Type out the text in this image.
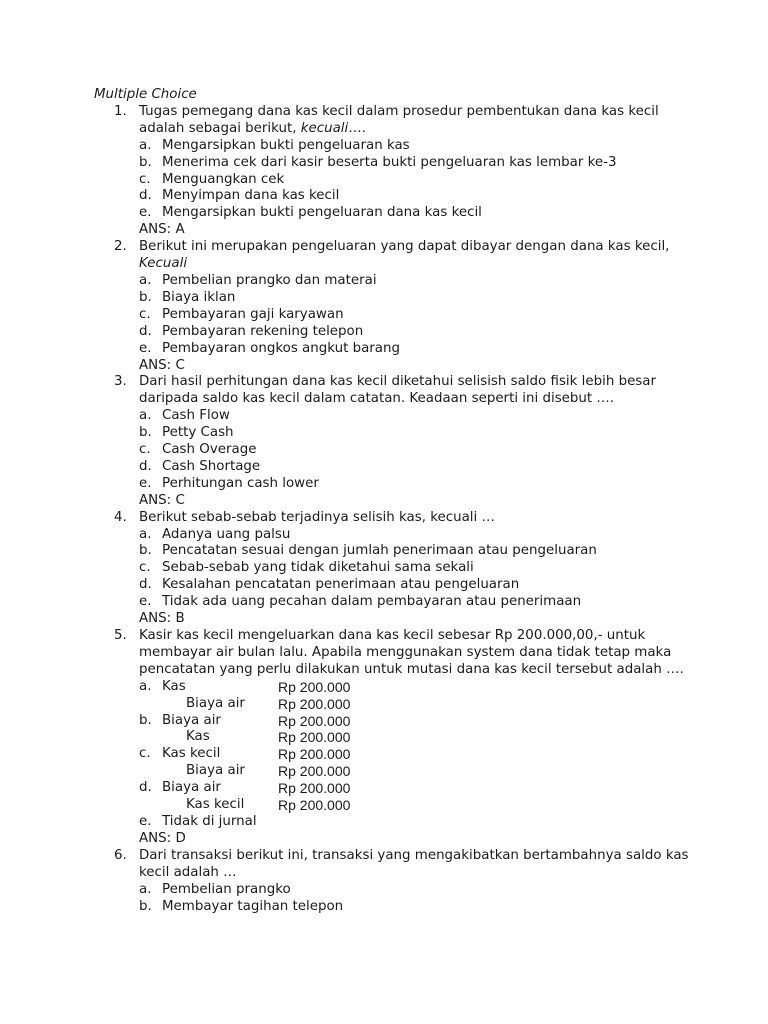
Multiple Choice
1. Tugas pemegang dana kas kecil dalam prosedur pembentukan dana kas kecil adalah sebagai berikut, kecuali….
a. Mengarsipkan bukti pengeluaran kas
b. Menerima cek dari kasir beserta bukti pengeluaran kas lembar ke-3
c. Menguangkan cek
d. Menyimpan dana kas kecil
e. Mengarsipkan bukti pengeluaran dana kas kecil
ANS: A
2. Berikut ini merupakan pengeluaran yang dapat dibayar dengan dana kas kecil, Kecuali
a. Pembelian prangko dan materai
b. Biaya iklan
c. Pembayaran gaji karyawan
d. Pembayaran rekening telepon
e. Pembayaran ongkos angkut barang
ANS: C
3. Dari hasil perhitungan dana kas kecil diketahui selisish saldo fisik lebih besar daripada saldo kas kecil dalam catatan. Keadaan seperti ini disebut ….
a. Cash Flow
b. Petty Cash
c. Cash Overage
d. Cash Shortage
e. Perhitungan cash lower
ANS: C
4. Berikut sebab-sebab terjadinya selisih kas, kecuali …
a. Adanya uang palsu
b. Pencatatan sesuai dengan jumlah penerimaan atau pengeluaran
c. Sebab-sebab yang tidak diketahui sama sekali
d. Kesalahan pencatatan penerimaan atau pengeluaran
e. Tidak ada uang pecahan dalam pembayaran atau penerimaan
ANS: B
5. Kasir kas kecil mengeluarkan dana kas kecil sebesar Rp 200.000,00,- untuk membayar air bulan lalu. Apabila menggunakan system dana tidak tetap maka pencatatan yang perlu dilakukan untuk mutasi dana kas kecil tersebut adalah ….
a. Kas	Rp 200.000
Biaya air	Rp 200.000
b. Biaya air	Rp 200.000
Kas	Rp 200.000
c. Kas kecil	Rp 200.000
Biaya air	Rp 200.000
d. Biaya air	Rp 200.000
Kas kecil	Rp 200.000
e. Tidak di jurnal
ANS: D
6. Dari transaksi berikut ini, transaksi yang mengakibatkan bertambahnya saldo kas kecil adalah …
a. Pembelian prangko
b. Membayar tagihan telepon
